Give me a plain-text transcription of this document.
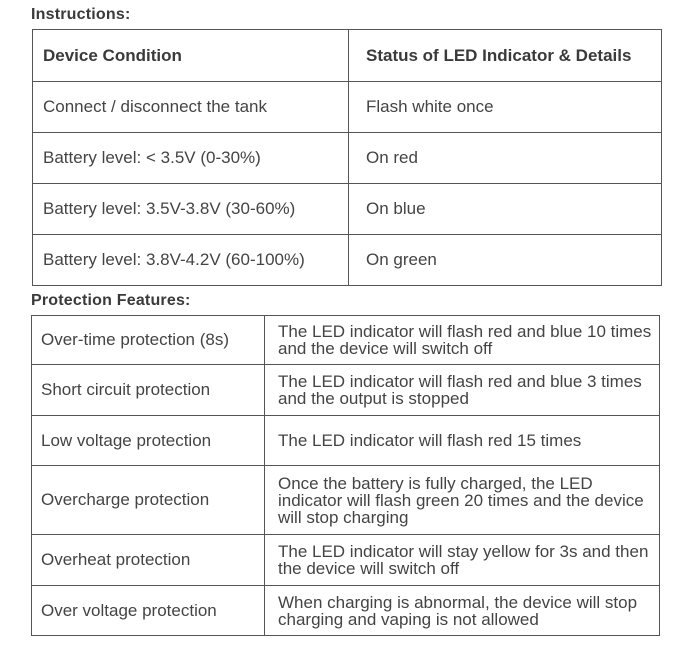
Instructions:
Device Condition	Status of LED Indicator & Details
Connect / disconnect the tank	Flash white once
Battery level: < 3.5V (0-30%)	On red
Battery level: 3.5V-3.8V (30-60%)	On blue
Battery level: 3.8V-4.2V (60-100%)	On green
Protection Features:
Over-time protection (8s)	The LED indicator will flash red and blue 10 times and the device will switch off
Short circuit protection	The LED indicator will flash red and blue 3 times and the output is stopped
Low voltage protection	The LED indicator will flash red 15 times
Overcharge protection	Once the battery is fully charged, the LED indicator will flash green 20 times and the device will stop charging
Overheat protection	The LED indicator will stay yellow for 3s and then the device will switch off
Over voltage protection	When charging is abnormal, the device will stop charging and vaping is not allowed
